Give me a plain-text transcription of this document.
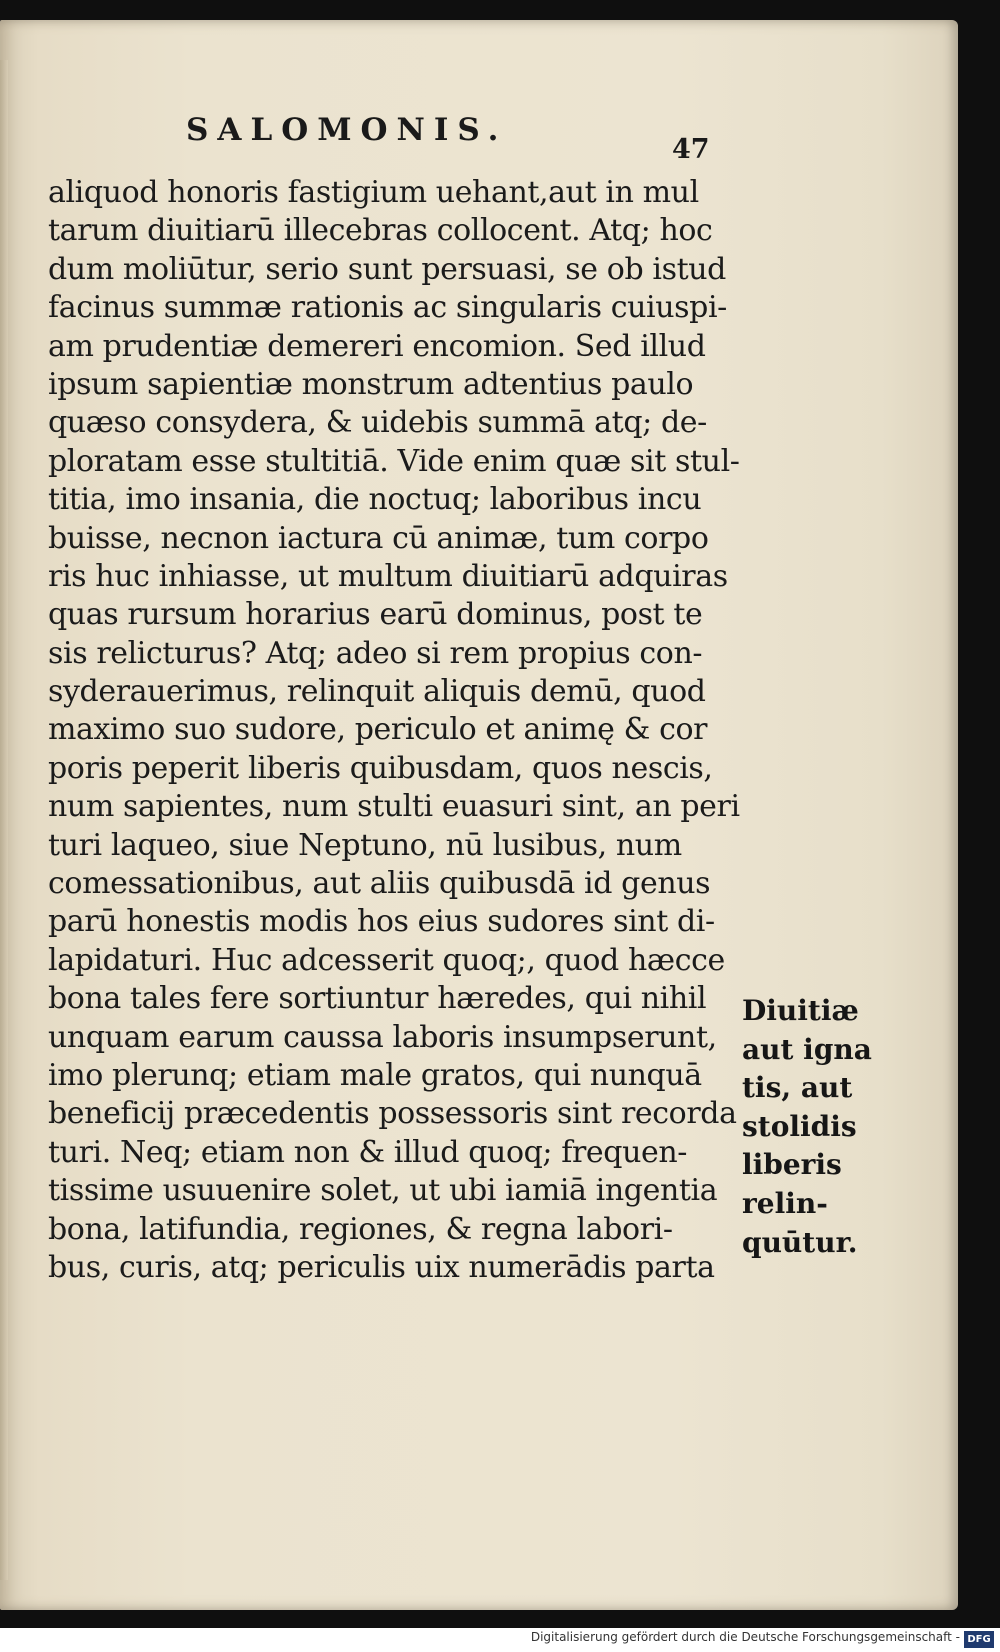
SALOMONIS.
47
aliquod honoris fastigium uehant,aut in mul
tarum diuitiarū illecebras collocent. Atq; hoc
dum moliūtur, serio sunt persuasi, se ob istud
facinus summæ rationis ac singularis cuiuspi-
am prudentiæ demereri encomion. Sed illud
ipsum sapientiæ monstrum adtentius paulo
quæso consydera, & uidebis summā atq; de-
ploratam esse stultitiā. Vide enim quæ sit stul-
titia, imo insania, die noctuq; laboribus incu
buisse, necnon iactura cū animæ, tum corpo
ris huc inhiasse, ut multum diuitiarū adquiras
quas rursum horarius earū dominus, post te
sis relicturus? Atq; adeo si rem propius con-
syderauerimus, relinquit aliquis demū, quod
maximo suo sudore, periculo et animę & cor
poris peperit liberis quibusdam, quos nescis,
num sapientes, num stulti euasuri sint, an peri
turi laqueo, siue Neptuno, nū lusibus, num
comessationibus, aut aliis quibusdā id genus
parū honestis modis hos eius sudores sint di-
lapidaturi. Huc adcesserit quoq;, quod hæcce
bona tales fere sortiuntur hæredes, qui nihil
unquam earum caussa laboris insumpserunt,
imo plerunq; etiam male gratos, qui nunquā
beneficij præcedentis possessoris sint recorda
turi. Neq; etiam non & illud quoq; frequen-
tissime usuuenire solet, ut ubi iamiā ingentia
bona, latifundia, regiones, & regna labori-
bus, curis, atq; periculis uix numerādis parta
Diuitiæ
aut igna
tis, aut
stolidis
liberis
relin-
quūtur.
Digitalisierung gefördert durch die Deutsche Forschungsgemeinschaft - DFG
